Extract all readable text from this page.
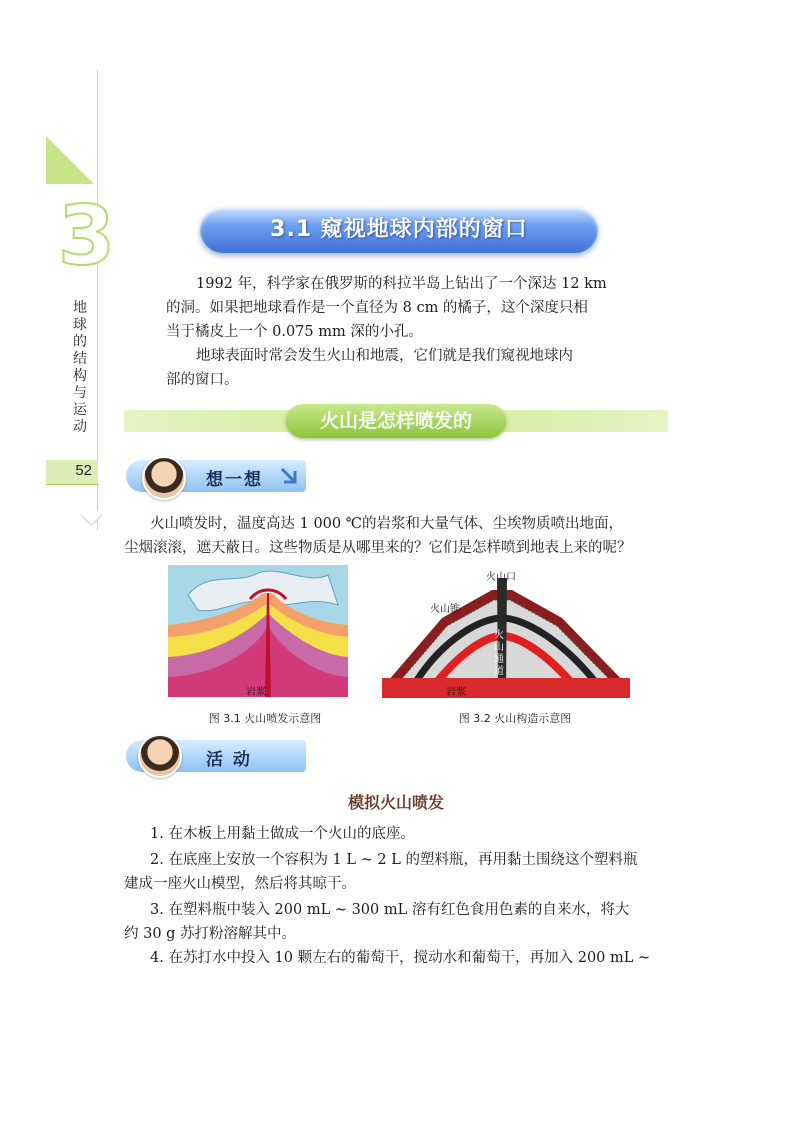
3
地球的结构与运动
52
3.1 窥视地球内部的窗口
1992 年，科学家在俄罗斯的科拉半岛上钻出了一个深达 12 km
的洞。如果把地球看作是一个直径为 8 cm 的橘子，这个深度只相
当于橘皮上一个 0.075 mm 深的小孔。
地球表面时常会发生火山和地震，它们就是我们窥视地球内
部的窗口。
火山是怎样喷发的
想一想
火山喷发时，温度高达 1 000 ℃的岩浆和大量气体、尘埃物质喷出地面，
尘烟滚滚，遮天蔽日。这些物质是从哪里来的？它们是怎样喷到地表上来的呢？
岩浆
图 3.1 火山喷发示意图
火山口
火山锥
火山通道
岩浆
图 3.2 火山构造示意图
活 动
模拟火山喷发
1. 在木板上用黏土做成一个火山的底座。
2. 在底座上安放一个容积为 1 L ~ 2 L 的塑料瓶，再用黏土围绕这个塑料瓶
建成一座火山模型，然后将其晾干。
3. 在塑料瓶中装入 200 mL ~ 300 mL 溶有红色食用色素的自来水，将大
约 30 g 苏打粉溶解其中。
4. 在苏打水中投入 10 颗左右的葡萄干，搅动水和葡萄干，再加入 200 mL ~
